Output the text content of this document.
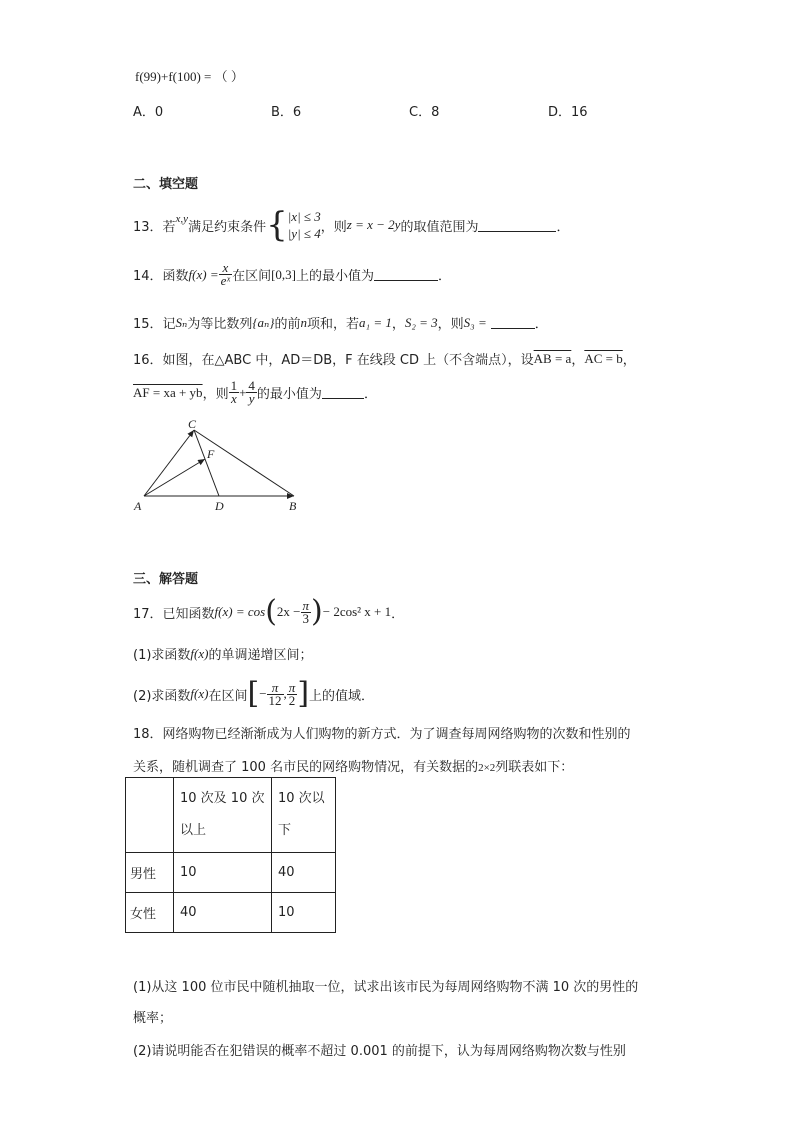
f(99)+f(100) = （ ）
A．0	B．6	C．8	D．16
二、填空题
13．若
x,y
满足约束条件 { |x| ≤ 3
|y| ≤ 4 ，则 z = x − 2y 的取值范围为	．
14．函数 $f(x) = \frac{x}{\text{eˣ}}$ 在区间 [0,3] 上的最小值为	．
15．记 Sₙ 为等比数列 {aₙ} 的前 n 项和，若 a₁ = 1 ， S₂ = 3 ，则 S₃ =	．
16．如图，在△ABC 中，AD＝DB，F 在线段 CD 上（不含端点），设 AB = a ， AC = b ，
AF = xa + yb ，则 $\frac{1}{x} + \frac{4}{y}$ 的最小值为	．
A	B
C
D
F
三、解答题
17．已知函数 f(x) = cos ( $2x - \frac{\pi}{3}$ ) − 2cos² x + 1 ．
(1)求函数 f(x) 的单调递增区间；
(2)求函数 f(x) 在区间 [ − $\frac{\pi}{12}$ , $\frac{\pi}{2}$ ] 上的值域．
18．网络购物已经渐渐成为人们购物的新方式．为了调查每周网络购物的次数和性别的
关系，随机调查了 100 名市民的网络购物情况，有关数据的2×2列联表如下：
	10 次及 10 次以上	10 次以下
男性	10	40
女性	40	10
(1)从这 100 位市民中随机抽取一位，试求出该市民为每周网络购物不满 10 次的男性的
概率；
(2)请说明能否在犯错误的概率不超过 0.001 的前提下，认为每周网络购物次数与性别
